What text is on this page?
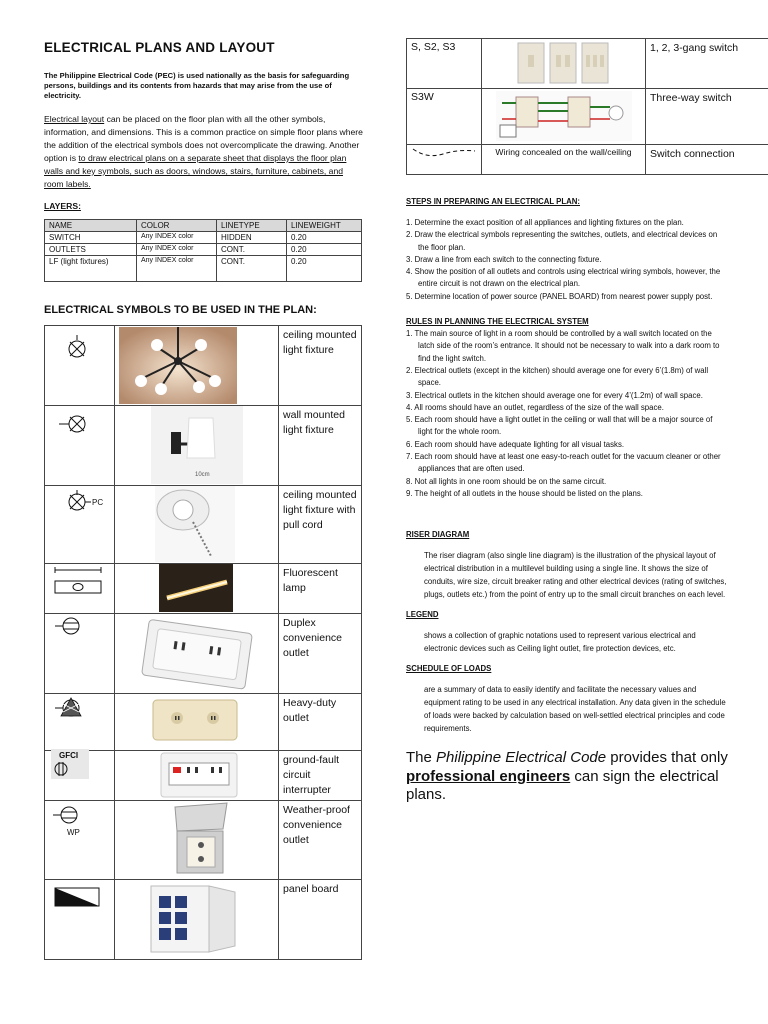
ELECTRICAL PLANS AND LAYOUT

The Philippine Electrical Code (PEC) is used nationally as the basis for safeguarding persons, buildings and its contents from hazards that may arise from the use of electricity.

Electrical layout can be placed on the floor plan with all the other symbols, information, and dimensions. This is a common practice on simple floor plans where the addition of the electrical symbols does not overcomplicate the drawing. Another option is to draw electrical plans on a separate sheet that displays the floor plan walls and key symbols, such as doors, windows, stairs, furniture, cabinets, and room labels.

LAYERS:
NAME	COLOR	LINETYPE	LINEWEIGHT
SWITCH	Any INDEX color	HIDDEN	0.20
OUTLETS	Any INDEX color	CONT.	0.20
LF (light fixtures)	Any INDEX color	CONT.	0.20
ELECTRICAL SYMBOLS TO BE USED IN THE PLAN:

	ceiling mounted light fixture

10cm	wall mounted light fixture

PC		ceiling mounted light fixture with pull cord

	Fluorescent lamp

	Duplex convenience outlet

	Heavy-duty outlet

GFCI		ground-fault circuit interrupter

WP		Weather-proof convenience outlet

	panel board
S, S2, S3		1, 2, 3-gang switch
S3W		Three-way switch
	Wiring concealed on the wall/ceiling	Switch connection
STEPS IN PREPARING AN ELECTRICAL PLAN:
1. Determine the exact position of all appliances and lighting fixtures on the plan.
2. Draw the electrical symbols representing the switches, outlets, and electrical devices on the floor plan.
3. Draw a line from each switch to the connecting fixture.
4. Show the position of all outlets and controls using electrical wiring symbols, however, the entire circuit is not drawn on the electrical plan.
5. Determine location of power source (PANEL BOARD) from nearest power supply post.
RULES IN PLANNING THE ELECTRICAL SYSTEM
1. The main source of light in a room should be controlled by a wall switch located on the latch side of the room’s entrance. It should not be necessary to walk into a dark room to find the light switch.
2. Electrical outlets (except in the kitchen) should average one for every 6’(1.8m) of wall space.
3. Electrical outlets in the kitchen should average one for every 4’(1.2m) of wall space.
4. All rooms should have an outlet, regardless of the size of the wall space.
5. Each room should have a light outlet in the ceiling or wall that will be a major source of light for the whole room.
6. Each room should have adequate lighting for all visual tasks.
7. Each room should have at least one easy-to-reach outlet for the vacuum cleaner or other appliances that are often used.
8. Not all lights in one room should be on the same circuit.
9. The height of all outlets in the house should be listed on the plans.
RISER DIAGRAM

The riser diagram (also single line diagram) is the illustration of the physical layout of electrical distribution in a multilevel building using a single line. It shows the size of conduits, wire size, circuit breaker rating and other electrical devices (rating of switches, plugs, outlets etc.) from the point of entry up to the small circuit branches on each level.

LEGEND

shows a collection of graphic notations used to represent various electrical and electronic devices such as Ceiling light outlet, fire protection devices, etc.

SCHEDULE OF LOADS

are a summary of data to easily identify and facilitate the necessary values and equipment rating to be used in any electrical installation. Any data given in the schedule of loads were backed by calculation based on well-settled electrical principles and code requirements.

The Philippine Electrical Code provides that only professional engineers can sign the electrical plans.
